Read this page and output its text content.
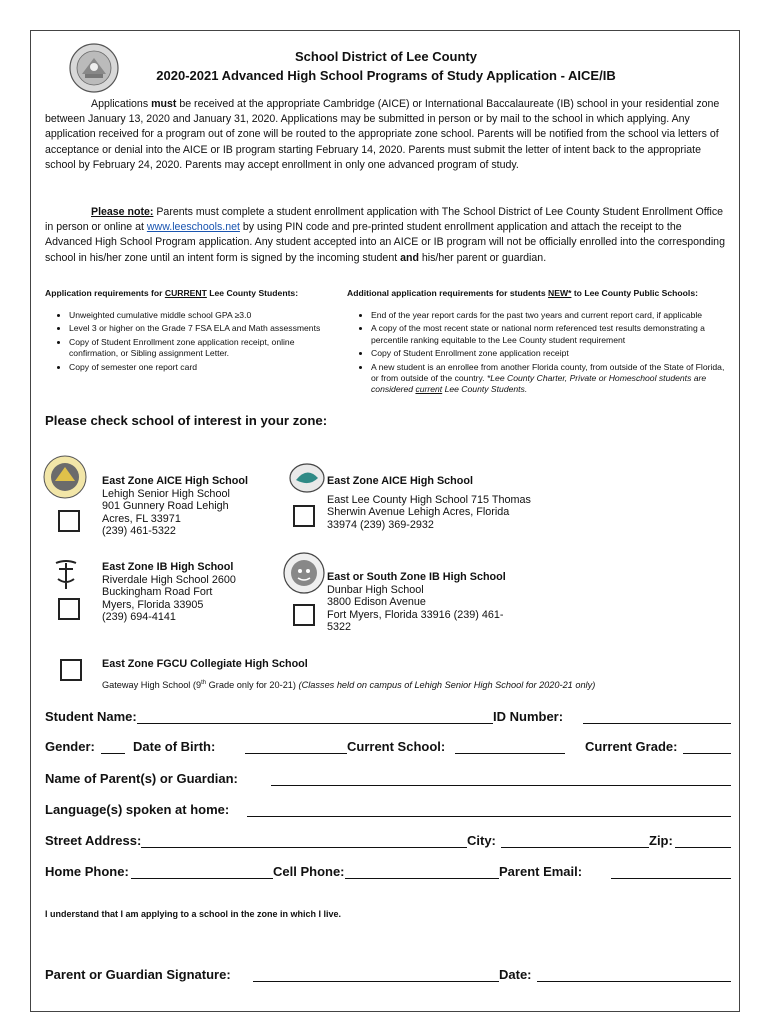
School District of Lee County
2020-2021 Advanced High School Programs of Study Application - AICE/IB
Applications must be received at the appropriate Cambridge (AICE) or International Baccalaureate (IB) school in your residential zone between January 13, 2020 and January 31, 2020. Applications may be submitted in person or by mail to the school in which applying. Any application received for a program out of zone will be routed to the appropriate zone school. Parents will be notified from the school via letters of acceptance or denial into the AICE or IB program starting February 14, 2020. Parents must submit the letter of intent back to the appropriate school by February 24, 2020. Parents may accept enrollment in only one advanced program of study.
Please note: Parents must complete a student enrollment application with The School District of Lee County Student Enrollment Office in person or online at www.leeschools.net by using PIN code and pre-printed student enrollment application and attach the receipt to the Advanced High School Program application. Any student accepted into an AICE or IB program will not be officially enrolled into the corresponding school in his/her zone until an intent form is signed by the incoming student and his/her parent or guardian.
Application requirements for CURRENT Lee County Students:
• Unweighted cumulative middle school GPA ≥3.0
• Level 3 or higher on the Grade 7 FSA ELA and Math assessments
• Copy of Student Enrollment zone application receipt, online confirmation, or Sibling assignment Letter.
• Copy of semester one report card
Additional application requirements for students NEW* to Lee County Public Schools:
• End of the year report cards for the past two years and current report card, if applicable
• A copy of the most recent state or national norm referenced test results demonstrating a percentile ranking equitable to the Lee County student requirement
• Copy of Student Enrollment zone application receipt
• A new student is an enrollee from another Florida county, from outside of the State of Florida, or from outside of the country. *Lee County Charter, Private or Homeschool students are considered current Lee County Students.
Please check school of interest in your zone:
East Zone AICE High School
Lehigh Senior High School
901 Gunnery Road Lehigh
Acres, FL 33971
(239) 461-5322
East Zone AICE High School

East Lee County High School 715 Thomas
Sherwin Avenue Lehigh Acres, Florida
33974 (239) 369-2932
East Zone IB High School
Riverdale High School 2600
Buckingham Road Fort
Myers, Florida 33905
(239) 694-4141
East or South Zone IB High School
Dunbar High School
3800 Edison Avenue
Fort Myers, Florida 33916 (239) 461-
5322
East Zone FGCU Collegiate High School
Gateway High School (9th Grade only for 20-21) (Classes held on campus of Lehigh Senior High School for 2020-21 only)
Student Name:	ID Number:
Gender:	Date of Birth:	Current School:	Current Grade:
Name of Parent(s) or Guardian:
Language(s) spoken at home:
Street Address:	City:	Zip:
Home Phone:	Cell Phone:	Parent Email:
I understand that I am applying to a school in the zone in which I live.
Parent or Guardian Signature:	Date:
